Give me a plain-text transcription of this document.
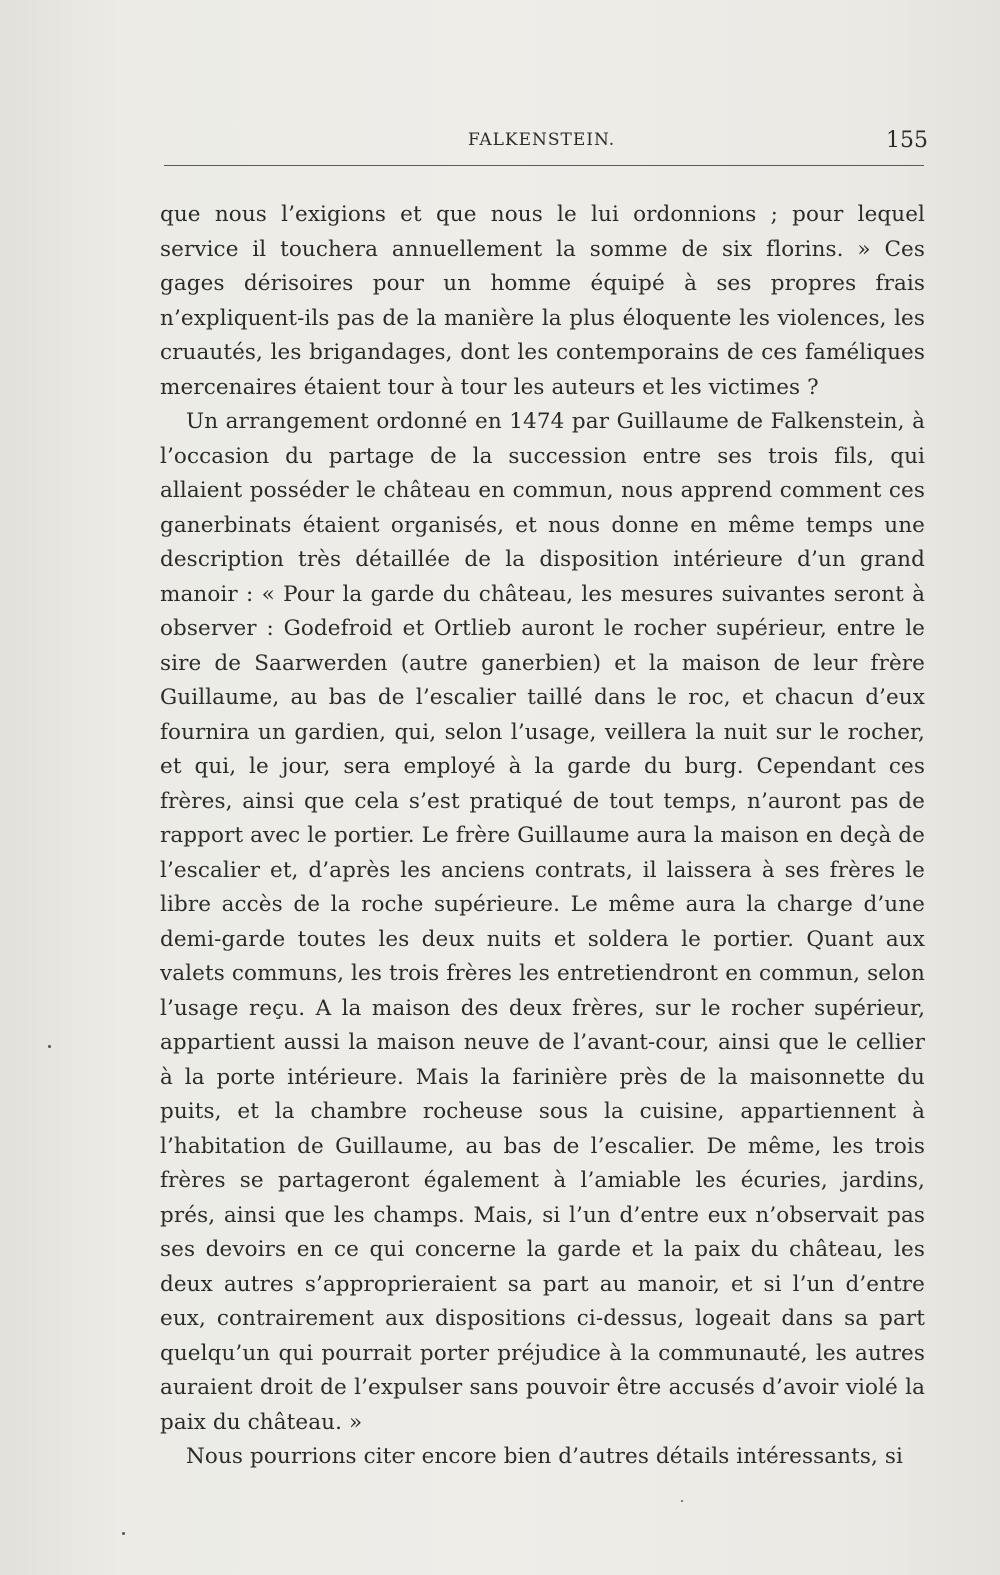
FALKENSTEIN.	155

que nous l’exigions et que nous le lui ordonnions ; pour lequel service il touchera annuellement la somme de six florins. » Ces gages dérisoires pour un homme équipé à ses propres frais n’expliquent-ils pas de la manière la plus éloquente les violences, les cruautés, les brigandages, dont les contemporains de ces faméliques mercenaires étaient tour à tour les auteurs et les victimes ?

Un arrangement ordonné en 1474 par Guillaume de Falkenstein, à l’occasion du partage de la succession entre ses trois fils, qui allaient posséder le château en commun, nous apprend comment ces ganerbinats étaient organisés, et nous donne en même temps une description très détaillée de la disposition intérieure d’un grand manoir : « Pour la garde du château, les mesures suivantes seront à observer : Godefroid et Ortlieb auront le rocher supérieur, entre le sire de Saarwerden (autre ganerbien) et la maison de leur frère Guillaume, au bas de l’escalier taillé dans le roc, et chacun d’eux fournira un gardien, qui, selon l’usage, veillera la nuit sur le rocher, et qui, le jour, sera employé à la garde du burg. Cependant ces frères, ainsi que cela s’est pratiqué de tout temps, n’auront pas de rapport avec le portier. Le frère Guillaume aura la maison en deçà de l’escalier et, d’après les anciens contrats, il laissera à ses frères le libre accès de la roche supérieure. Le même aura la charge d’une demi-garde toutes les deux nuits et soldera le portier. Quant aux valets communs, les trois frères les entretiendront en commun, selon l’usage reçu. A la maison des deux frères, sur le rocher supérieur, appartient aussi la maison neuve de l’avant-cour, ainsi que le cellier à la porte intérieure. Mais la farinière près de la maisonnette du puits, et la chambre rocheuse sous la cuisine, appartiennent à l’habitation de Guillaume, au bas de l’escalier. De même, les trois frères se partageront également à l’amiable les écuries, jardins, prés, ainsi que les champs. Mais, si l’un d’entre eux n’observait pas ses devoirs en ce qui concerne la garde et la paix du château, les deux autres s’approprieraient sa part au manoir, et si l’un d’entre eux, contrairement aux dispositions ci-dessus, logeait dans sa part quelqu’un qui pourrait porter préjudice à la communauté, les autres auraient droit de l’expulser sans pouvoir être accusés d’avoir violé la paix du château. »

Nous pourrions citer encore bien d’autres détails intéressants, si
